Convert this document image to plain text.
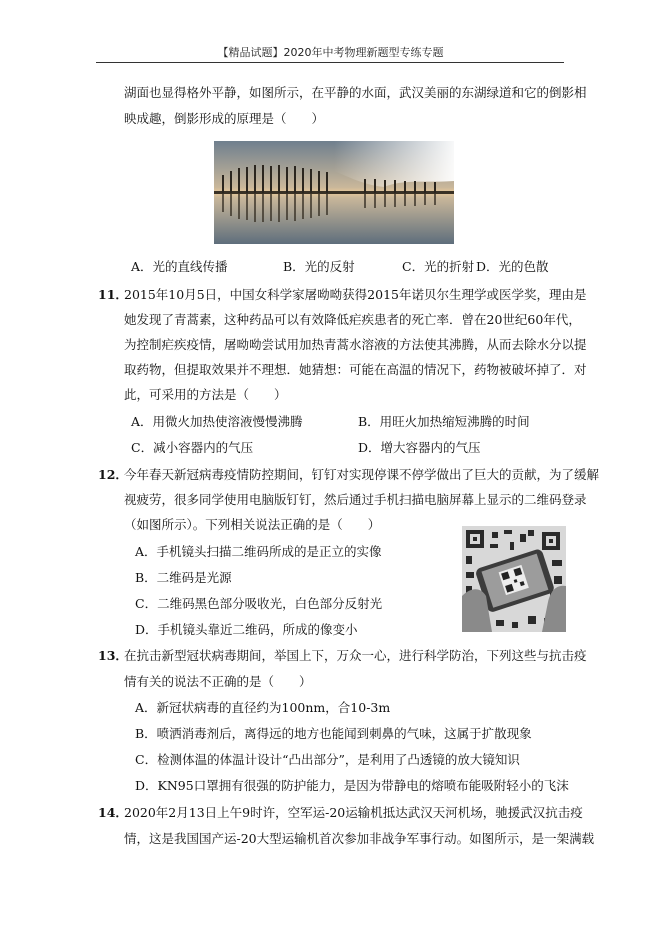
【精品试题】2020年中考物理新题型专练专题
湖面也显得格外平静，如图所示，在平静的水面，武汉美丽的东湖绿道和它的倒影相
映成趣，倒影形成的原理是（　　）
A．光的直线传播	B．光的反射	C．光的折射 D．光的色散
11．
2015年10月5日，中国女科学家屠呦呦获得2015年诺贝尔生理学或医学奖，理由是
她发现了青蒿素，这种药品可以有效降低疟疾患者的死亡率．曾在20世纪60年代，
为控制疟疾疫情，屠呦呦尝试用加热青蒿水溶液的方法使其沸腾，从而去除水分以提
取药物，但提取效果并不理想．她猜想：可能在高温的情况下，药物被破坏掉了．对
此，可采用的方法是（　　）
A．用微火加热使溶液慢慢沸腾	B．用旺火加热缩短沸腾的时间
C．减小容器内的气压	D．增大容器内的气压
12．
今年春天新冠病毒疫情防控期间，钉钉对实现停课不停学做出了巨大的贡献，为了缓解
视疲劳，很多同学使用电脑版钉钉，然后通过手机扫描电脑屏幕上显示的二维码登录
（如图所示）。下列相关说法正确的是（　　）
A．手机镜头扫描二维码所成的是正立的实像
B．二维码是光源
C．二维码黑色部分吸收光，白色部分反射光
D．手机镜头靠近二维码，所成的像变小
13．
在抗击新型冠状病毒期间，举国上下，万众一心，进行科学防治，下列这些与抗击疫
情有关的说法不正确的是（　　）
A．新冠状病毒的直径约为100nm，合10-3m
B．喷洒消毒剂后，离得远的地方也能闻到刺鼻的气味，这属于扩散现象
C．检测体温的体温计设计“凸出部分”，是利用了凸透镜的放大镜知识
D．KN95口罩拥有很强的防护能力，是因为带静电的熔喷布能吸附轻小的飞沫
14．
2020年2月13日上午9时许，空军运-20运输机抵达武汉天河机场，驰援武汉抗击疫
情，这是我国国产运-20大型运输机首次参加非战争军事行动。如图所示，是一架满载
